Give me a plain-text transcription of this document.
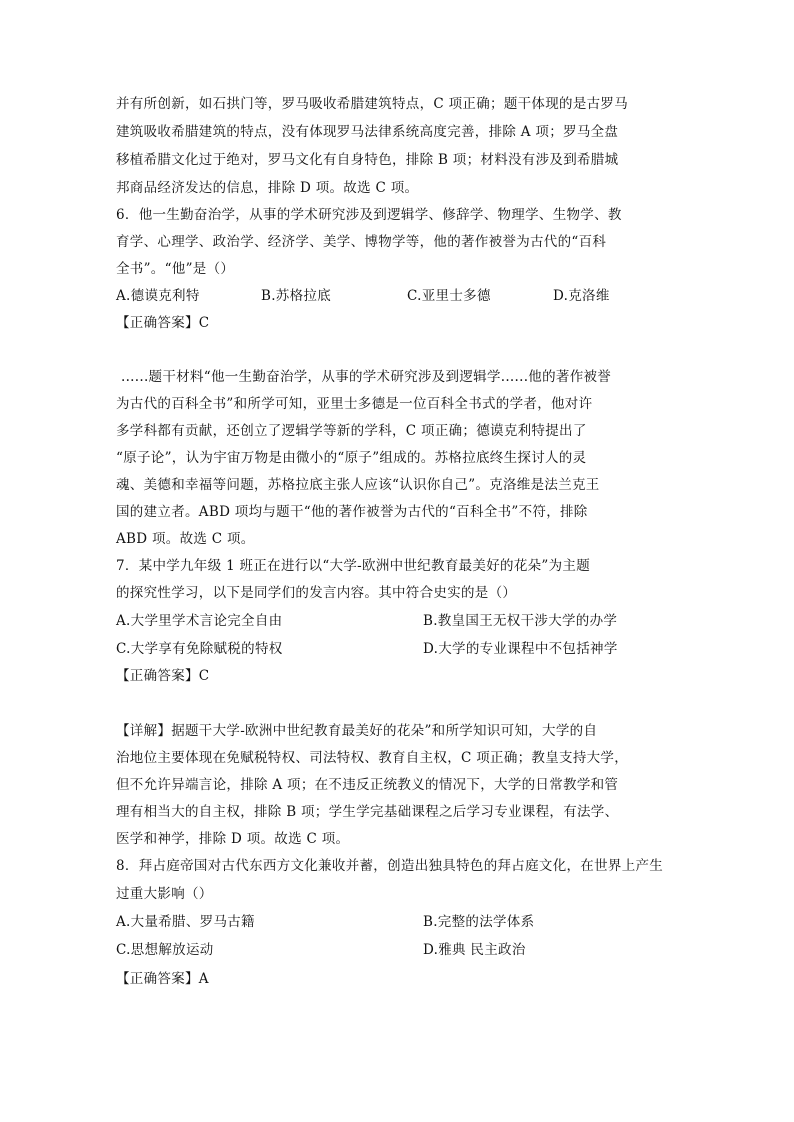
并有所创新，如石拱门等，罗马吸收希腊建筑特点，C 项正确；题干体现的是古罗马
建筑吸收希腊建筑的特点，没有体现罗马法律系统高度完善，排除 A 项；罗马全盘
移植希腊文化过于绝对，罗马文化有自身特色，排除 B 项；材料没有涉及到希腊城
邦商品经济发达的信息，排除 D 项。故选 C 项。
6．他一生勤奋治学，从事的学术研究涉及到逻辑学、修辞学、物理学、生物学、教
育学、心理学、政治学、经济学、美学、博物学等，他的著作被誉为古代的“百科
全书”。“他”是（）
A.德谟克利特	B.苏格拉底	C.亚里士多德	D.克洛维
【正确答案】C
......题干材料“他一生勤奋治学，从事的学术研究涉及到逻辑学......他的著作被誉
为古代的百科全书”和所学可知，亚里士多德是一位百科全书式的学者，他对许
多学科都有贡献，还创立了逻辑学等新的学科，C 项正确；德谟克利特提出了
“原子论”，认为宇宙万物是由微小的“原子”组成的。苏格拉底终生探讨人的灵
魂、美德和幸福等问题，苏格拉底主张人应该“认识你自己”。克洛维是法兰克王
国的建立者。ABD 项均与题干“他的著作被誉为古代的“百科全书”不符，排除
ABD 项。故选 C 项。
7．某中学九年级 1 班正在进行以“大学-欧洲中世纪教育最美好的花朵”为主题
的探究性学习，以下是同学们的发言内容。其中符合史实的是（）
A.大学里学术言论完全自由	B.教皇国王无权干涉大学的办学
C.大学享有免除赋税的特权	D.大学的专业课程中不包括神学
【正确答案】C
【详解】据题干大学-欧洲中世纪教育最美好的花朵”和所学知识可知，大学的自
治地位主要体现在免赋税特权、司法特权、教育自主权，C 项正确；教皇支持大学，
但不允许异端言论，排除 A 项；在不违反正统教义的情况下，大学的日常教学和管
理有相当大的自主权，排除 B 项；学生学完基础课程之后学习专业课程，有法学、
医学和神学，排除 D 项。故选 C 项。
8．拜占庭帝国对古代东西方文化兼收并蓄，创造出独具特色的拜占庭文化，在世界上产生
过重大影响（）
A.大量希腊、罗马古籍	B.完整的法学体系
C.思想解放运动	D.雅典 民主政治
【正确答案】A
